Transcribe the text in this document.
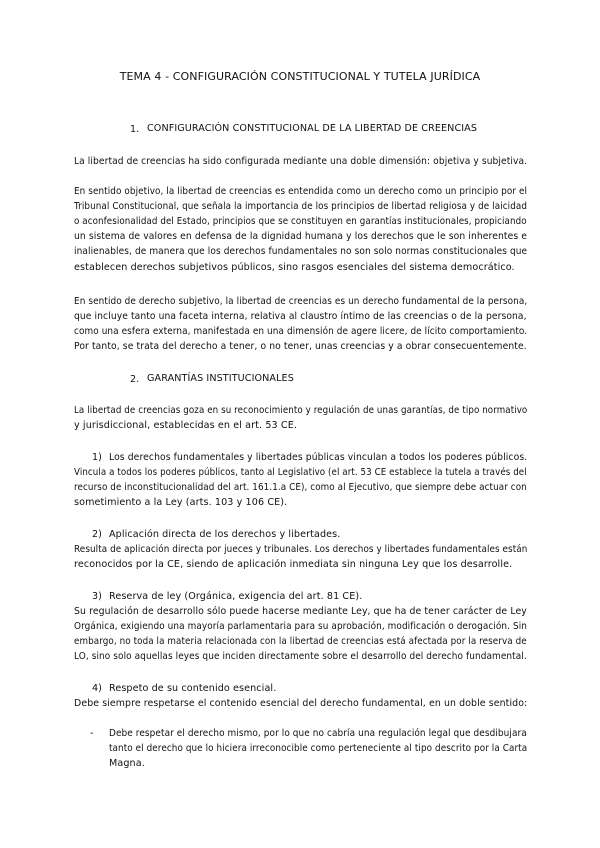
TEMA 4 - CONFIGURACIÓN CONSTITUCIONAL Y TUTELA JURÍDICA
1. CONFIGURACIÓN CONSTITUCIONAL DE LA LIBERTAD DE CREENCIAS
La libertad de creencias ha sido configurada mediante una doble dimensión: objetiva y subjetiva.
En sentido objetivo, la libertad de creencias es entendida como un derecho como un principio por el
Tribunal Constitucional, que señala la importancia de los principios de libertad religiosa y de laicidad
o aconfesionalidad del Estado, principios que se constituyen en garantías institucionales, propiciando
un sistema de valores en defensa de la dignidad humana y los derechos que le son inherentes e
inalienables, de manera que los derechos fundamentales no son solo normas constitucionales que
establecen derechos subjetivos públicos, sino rasgos esenciales del sistema democrático.
En sentido de derecho subjetivo, la libertad de creencias es un derecho fundamental de la persona,
que incluye tanto una faceta interna, relativa al claustro íntimo de las creencias o de la persona,
como una esfera externa, manifestada en una dimensión de agere licere, de lícito comportamiento.
Por tanto, se trata del derecho a tener, o no tener, unas creencias y a obrar consecuentemente.
2. GARANTÍAS INSTITUCIONALES
La libertad de creencias goza en su reconocimiento y regulación de unas garantías, de tipo normativo
y jurisdiccional, establecidas en el art. 53 CE.
1) Los derechos fundamentales y libertades públicas vinculan a todos los poderes públicos.
Vincula a todos los poderes públicos, tanto al Legislativo (el art. 53 CE establece la tutela a través del
recurso de inconstitucionalidad del art. 161.1.a CE), como al Ejecutivo, que siempre debe actuar con
sometimiento a la Ley (arts. 103 y 106 CE).
2) Aplicación directa de los derechos y libertades.
Resulta de aplicación directa por jueces y tribunales. Los derechos y libertades fundamentales están
reconocidos por la CE, siendo de aplicación inmediata sin ninguna Ley que los desarrolle.
3) Reserva de ley (Orgánica, exigencia del art. 81 CE).
Su regulación de desarrollo sólo puede hacerse mediante Ley, que ha de tener carácter de Ley
Orgánica, exigiendo una mayoría parlamentaria para su aprobación, modificación o derogación. Sin
embargo, no toda la materia relacionada con la libertad de creencias está afectada por la reserva de
LO, sino solo aquellas leyes que inciden directamente sobre el desarrollo del derecho fundamental.
4) Respeto de su contenido esencial.
Debe siempre respetarse el contenido esencial del derecho fundamental, en un doble sentido:
- Debe respetar el derecho mismo, por lo que no cabría una regulación legal que desdibujara
tanto el derecho que lo hiciera irreconocible como perteneciente al tipo descrito por la Carta
Magna.
